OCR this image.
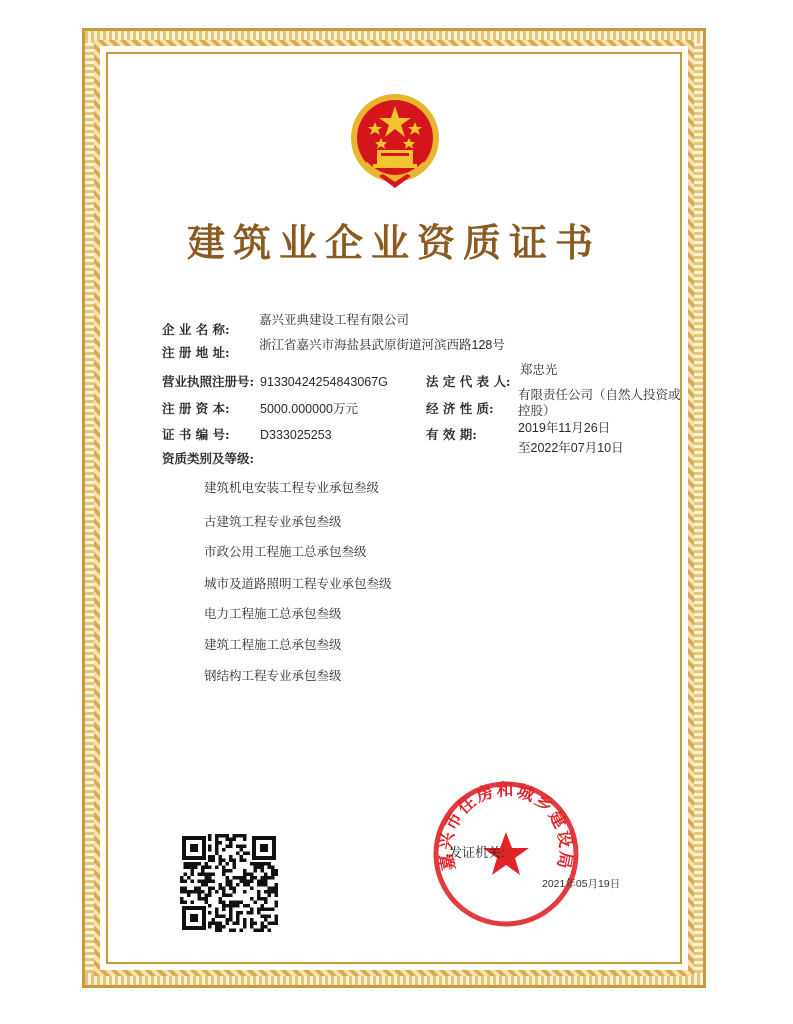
建筑业企业资质证书
企 业 名 称:
嘉兴亚典建设工程有限公司
注 册 地 址: 浙江省嘉兴市海盐县武原街道河滨西路128号
营业执照注册号: 91330424254843067G
注 册 资 本: 5000.000000万元
证 书 编 号: D333025253
资质类别及等级:
郑忠光
法 定 代 表 人:
经 济 性 质:
有限责任公司（自然人投资或控股）
有 效 期:	2019年11月26日
至2022年07月10日
建筑机电安装工程专业承包叁级
古建筑工程专业承包叁级
市政公用工程施工总承包叁级
城市及道路照明工程专业承包叁级
电力工程施工总承包叁级
建筑工程施工总承包叁级
钢结构工程专业承包叁级
嘉兴市住房和城乡建设局
发证机关:
2021年05月19日
